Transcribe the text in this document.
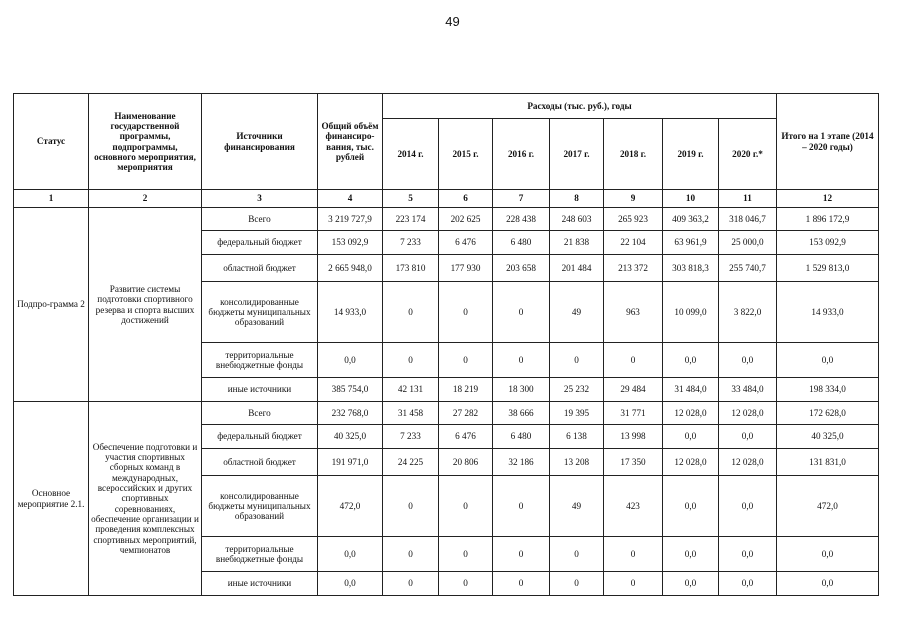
49
Статус	Наименование государственной программы, подпрограммы, основного мероприятия, мероприятия	Источники финансирования	Общий объём финансиро-вания, тыс. рублей	Расходы (тыс. руб.), годы							Итого на 1 этапе (2014 – 2020 годы)
				2014 г.	2015 г.	2016 г.	2017 г.	2018 г.	2019 г.	2020 г.*	
1	2	3	4	5	6	7	8	9	10	11	12
Подпро-грамма 2	Развитие системы подготовки спортивного резерва и спорта высших достижений	Всего	3 219 727,9	223 174	202 625	228 438	248 603	265 923	409 363,2	318 046,7	1 896 172,9
		федеральный бюджет	153 092,9	7 233	6 476	6 480	21 838	22 104	63 961,9	25 000,0	153 092,9
		областной бюджет	2 665 948,0	173 810	177 930	203 658	201 484	213 372	303 818,3	255 740,7	1 529 813,0
		консолидированные бюджеты муниципальных образований	14 933,0	0	0	0	49	963	10 099,0	3 822,0	14 933,0
		территориальные внебюджетные фонды	0,0	0	0	0	0	0	0,0	0,0	0,0
		иные источники	385 754,0	42 131	18 219	18 300	25 232	29 484	31 484,0	33 484,0	198 334,0
Основное мероприятие 2.1.	Обеспечение подготовки и участия спортивных сборных команд в международных, всероссийских и других спортивных соревнованиях, обеспечение организации и проведения комплексных спортивных мероприятий, чемпионатов	Всего	232 768,0	31 458	27 282	38 666	19 395	31 771	12 028,0	12 028,0	172 628,0
		федеральный бюджет	40 325,0	7 233	6 476	6 480	6 138	13 998	0,0	0,0	40 325,0
		областной бюджет	191 971,0	24 225	20 806	32 186	13 208	17 350	12 028,0	12 028,0	131 831,0
		консолидированные бюджеты муниципальных образований	472,0	0	0	0	49	423	0,0	0,0	472,0
		территориальные внебюджетные фонды	0,0	0	0	0	0	0	0,0	0,0	0,0
		иные источники	0,0	0	0	0	0	0	0,0	0,0	0,0
